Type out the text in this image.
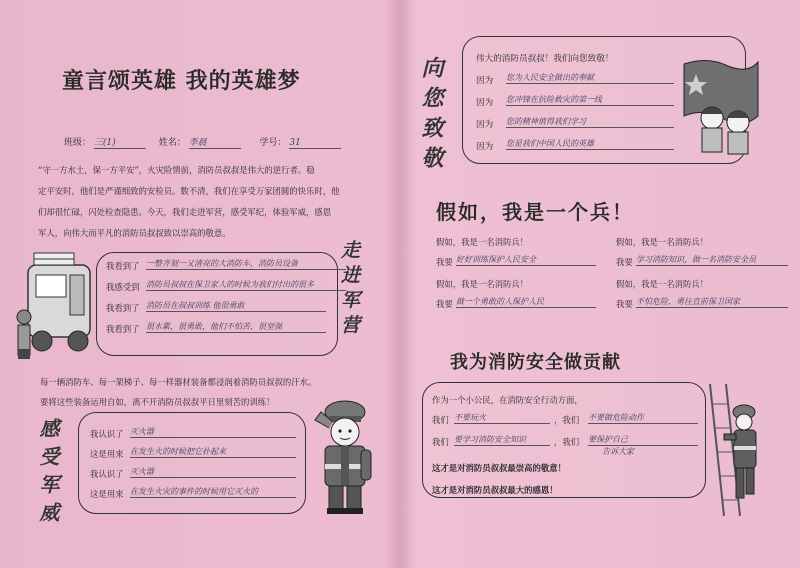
童言颂英雄 我的英雄梦
班级： 三(1)	姓名： 李晨	学号： 31
“守一方水土，保一方平安”，火灾险情前，消防员叔叔是伟大的逆行者。稳
定平安时，他们是严谨细致的安检员。数不清，我们在享受万家团圆的快乐时，他
们却很忙碌，闪处检查隐患。今天，我们走进军营，感受军纪，体验军威，感恩
军人，向伟大而平凡的消防员叔叔致以崇高的敬意。
我看到了 一整齐划一又清亮的大消防车，消防员设备
我感受到 消防员叔叔在保卫家人的时候为我们付出的很多
我看到了 消防员在叔叔训练 他很勇敢
我看到了 很水累，很勇敢，他们不怕苦，很坚强	走进军营
每一辆消防车、每一架梯子、每一样器材装备都浸润着消防员叔叔的汗水。
要将这些装备运用自如，离不开消防员叔叔平日里刻苦的训练！
感受军威	我认识了 灭火器
这是用来 在发生火的时候把它扑起来
我认识了 灭火器
这是用来 在发生火灾的事件的时候用它灭火的
向您致敬	伟大的消防员叔叔！我们向您致敬！
因为 您为人民安全做出的奉献
因为 您冲锋在抗险救灾的第一线
因为 您的精神值得我们学习
因为 您是我们中国人民的英雄
假如，我是一个兵！
假如，我是一名消防兵！	假如，我是一名消防兵！
我要 好好训练保护人民安全	我要 学习消防知识，做一名消防安全员
假如，我是一名消防兵！	假如，我是一名消防兵！
我要 做一个勇敢的人保护人民	我要 不怕危险，勇往直前保卫国家
我为消防安全做贡献
作为一个小公民，在消防安全行动方面，
我们 不要玩火	，我们 不要做危险动作
我们 要学习消防安全知识	，我们 要保护自己
告诉大家
这才是对消防员叔叔最崇高的敬意！
这才是对消防员叔叔最大的感恩！
